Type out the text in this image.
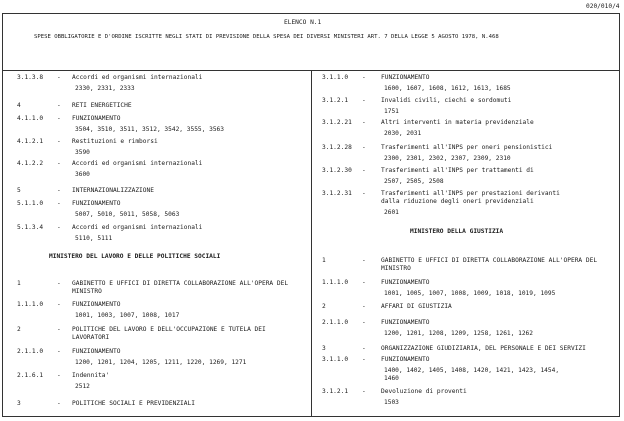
020/010/4
ELENCO N.1
SPESE OBBLIGATORIE E D'ORDINE ISCRITTE NEGLI STATI DI PREVISIONE DELLA SPESA DEI DIVERSI MINISTERI ART. 7 DELLA LEGGE 5 AGOSTO 1978, N.468
3.1.3.8 - Accordi ed organismi internazionali
2330, 2331, 2333
4	- RETI ENERGETICHE
4.1.1.0 - FUNZIONAMENTO
3504, 3510, 3511, 3512, 3542, 3555, 3563
4.1.2.1 - Restituzioni e rimborsi
3590
4.1.2.2 - Accordi ed organismi internazionali
3600
5	- INTERNAZIONALIZZAZIONE
5.1.1.0 - FUNZIONAMENTO
5007, 5010, 5011, 5058, 5063
5.1.3.4 - Accordi ed organismi internazionali
5110, 5111
MINISTERO DEL LAVORO E DELLE POLITICHE SOCIALI
1	- GABINETTO E UFFICI DI DIRETTA COLLABORAZIONE ALL'OPERA DEL
MINISTRO
1.1.1.0 - FUNZIONAMENTO
1001, 1003, 1007, 1008, 1017
2	- POLITICHE DEL LAVORO E DELL'OCCUPAZIONE E TUTELA DEI
LAVORATORI
2.1.1.0 - FUNZIONAMENTO
1200, 1201, 1204, 1205, 1211, 1220, 1269, 1271
2.1.6.1 - Indennita'
2512
3	- POLITICHE SOCIALI E PREVIDENZIALI
3.1.1.0 - FUNZIONAMENTO
1600, 1607, 1608, 1612, 1613, 1685
3.1.2.1 - Invalidi civili, ciechi e sordomuti
1751
3.1.2.21 - Altri interventi in materia previdenziale
2030, 2031
3.1.2.28 - Trasferimenti all'INPS per oneri pensionistici
2300, 2301, 2302, 2307, 2309, 2310
3.1.2.30 - Trasferimenti all'INPS per trattamenti di
2507, 2505, 2508
3.1.2.31 - Trasferimenti all'INPS per prestazioni derivanti
dalla riduzione degli oneri previdenziali
2601
MINISTERO DELLA GIUSTIZIA
1	- GABINETTO E UFFICI DI DIRETTA COLLABORAZIONE ALL'OPERA DEL
MINISTRO
1.1.1.0 - FUNZIONAMENTO
1001, 1005, 1007, 1008, 1009, 1018, 1019, 1095
2	- AFFARI DI GIUSTIZIA
2.1.1.0 - FUNZIONAMENTO
1200, 1201, 1208, 1209, 1258, 1261, 1262
3	- ORGANIZZAZIONE GIUDIZIARIA, DEL PERSONALE E DEI SERVIZI
3.1.1.0 - FUNZIONAMENTO
1400, 1402, 1405, 1408, 1420, 1421, 1423, 1454,
1460
3.1.2.1 - Devoluzione di proventi
1503
